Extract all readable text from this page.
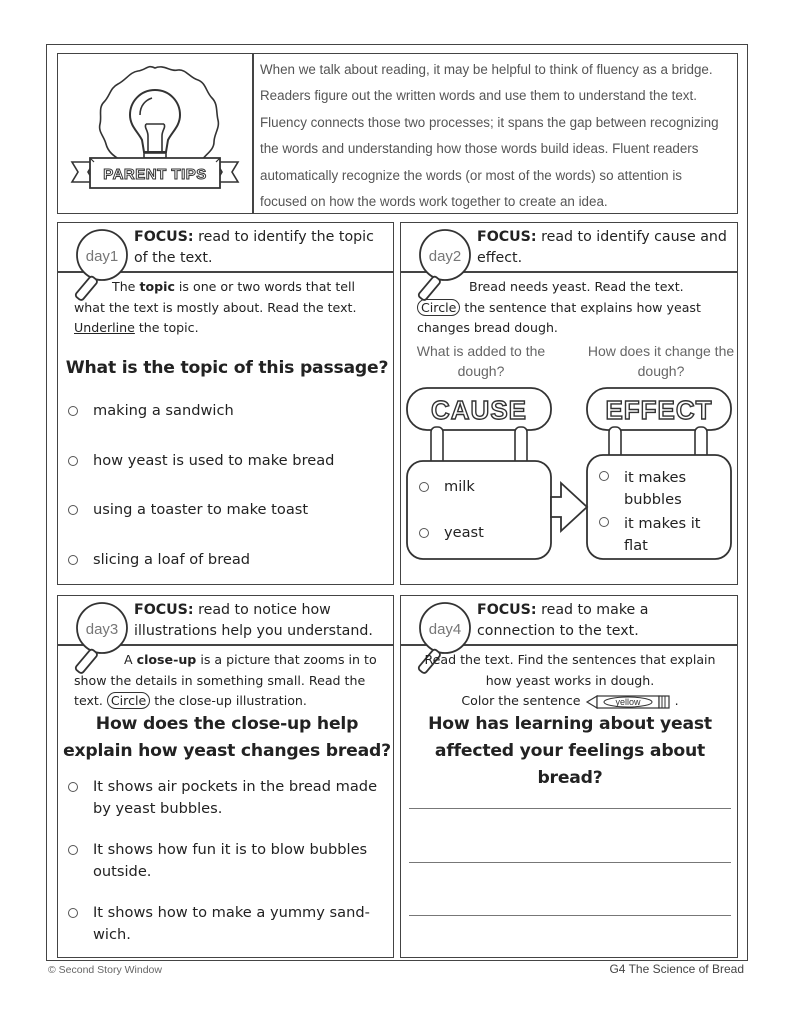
PARENT TIPS
When we talk about reading, it may be helpful to think of fluency as a bridge.
Readers figure out the written words and use them to understand the text.
Fluency connects those two processes; it spans the gap between recognizing
the words and understanding how those words build ideas. Fluent readers
automatically recognize the words (or most of the words) so attention is
focused on how the words work together to create an idea.
day1
FOCUS: read to identify the topic of the text.
The topic is one or two words that tell what the text is mostly about. Read the text. Underline the topic.
What is the topic of this passage?
making a sandwich
how yeast is used to make bread
using a toaster to make toast
slicing a loaf of bread
day2
FOCUS: read to identify cause and effect.
Bread needs yeast. Read the text. Circle the sentence that explains how yeast changes bread dough.
What is added to the dough?
How does it change the dough?
CAUSE	EFFECT
milk
yeast
it makes bubbles
it makes it flat
day3
FOCUS: read to notice how illustrations help you understand.
A close-up is a picture that zooms in to show the details in something small. Read the text. Circle the close-up illustration.
How does the close-up help explain how yeast changes bread?
It shows air pockets in the bread made by yeast bubbles.
It shows how fun it is to blow bubbles outside.
It shows how to make a yummy sand-wich.
day4
FOCUS: read to make a connection to the text.
Read the text. Find the sentences that explain how yeast works in dough.
Color the sentence	yellow	.
How has learning about yeast affected your feelings about bread?
© Second Story Window	G4 The Science of Bread
